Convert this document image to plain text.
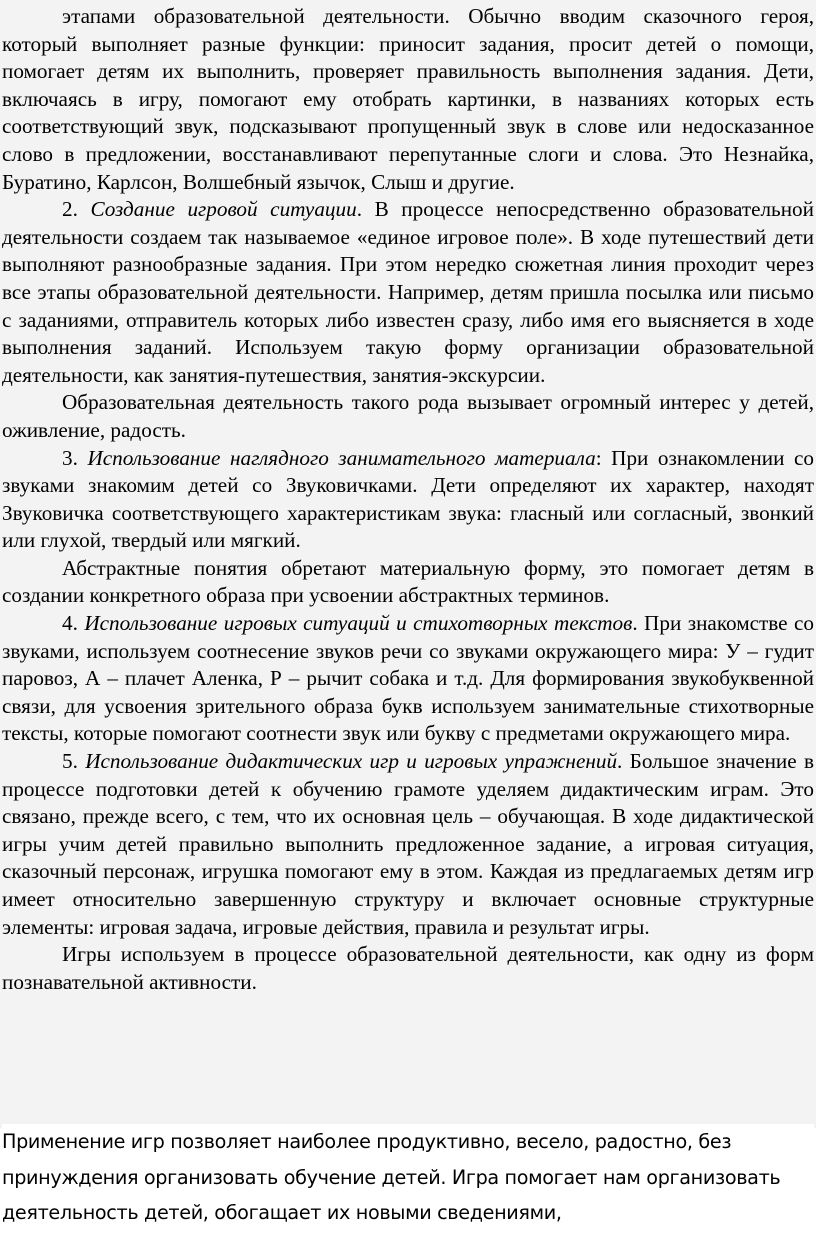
этапами образовательной деятельности. Обычно вводим сказочного героя, который выполняет разные функции: приносит задания, просит детей о помощи, помогает детям их выполнить, проверяет правильность выполнения задания. Дети, включаясь в игру, помогают ему отобрать картинки, в названиях которых есть соответствующий звук, подсказывают пропущенный звук в слове или недосказанное слово в предложении, восстанавливают перепутанные слоги и слова. Это Незнайка, Буратино, Карлсон, Волшебный язычок, Слыш и другие.

2. Создание игровой ситуации. В процессе непосредственно образовательной деятельности создаем так называемое «единое игровое поле». В ходе путешествий дети выполняют разнообразные задания. При этом нередко сюжетная линия проходит через все этапы образовательной деятельности. Например, детям пришла посылка или письмо с заданиями, отправитель которых либо известен сразу, либо имя его выясняется в ходе выполнения заданий. Используем такую форму организации образовательной деятельности, как занятия-путешествия, занятия-экскурсии.

Образовательная деятельность такого рода вызывает огромный интерес у детей, оживление, радость.

3. Использование наглядного занимательного материала: При ознакомлении со звуками знакомим детей со Звуковичками. Дети определяют их характер, находят Звуковичка соответствующего характеристикам звука: гласный или согласный, звонкий или глухой, твердый или мягкий.

Абстрактные понятия обретают материальную форму, это помогает детям в создании конкретного образа при усвоении абстрактных терминов.

4. Использование игровых ситуаций и стихотворных текстов. При знакомстве со звуками, используем соотнесение звуков речи со звуками окружающего мира: У – гудит паровоз, А – плачет Аленка, Р – рычит собака и т.д. Для формирования звукобуквенной связи, для усвоения зрительного образа букв используем занимательные стихотворные тексты, которые помогают соотнести звук или букву с предметами окружающего мира.

5. Использование дидактических игр и игровых упражнений. Большое значение в процессе подготовки детей к обучению грамоте уделяем дидактическим играм. Это связано, прежде всего, с тем, что их основная цель – обучающая. В ходе дидактической игры учим детей правильно выполнить предложенное задание, а игровая ситуация, сказочный персонаж, игрушка помогают ему в этом. Каждая из предлагаемых детям игр имеет относительно завершенную структуру и включает основные структурные элементы: игровая задача, игровые действия, правила и результат игры.

Игры используем в процессе образовательной деятельности, как одну из форм познавательной активности.

Применение игр позволяет наиболее продуктивно, весело, радостно, без принуждения организовать обучение детей. Игра помогает нам организовать деятельность детей, обогащает их новыми сведениями,
